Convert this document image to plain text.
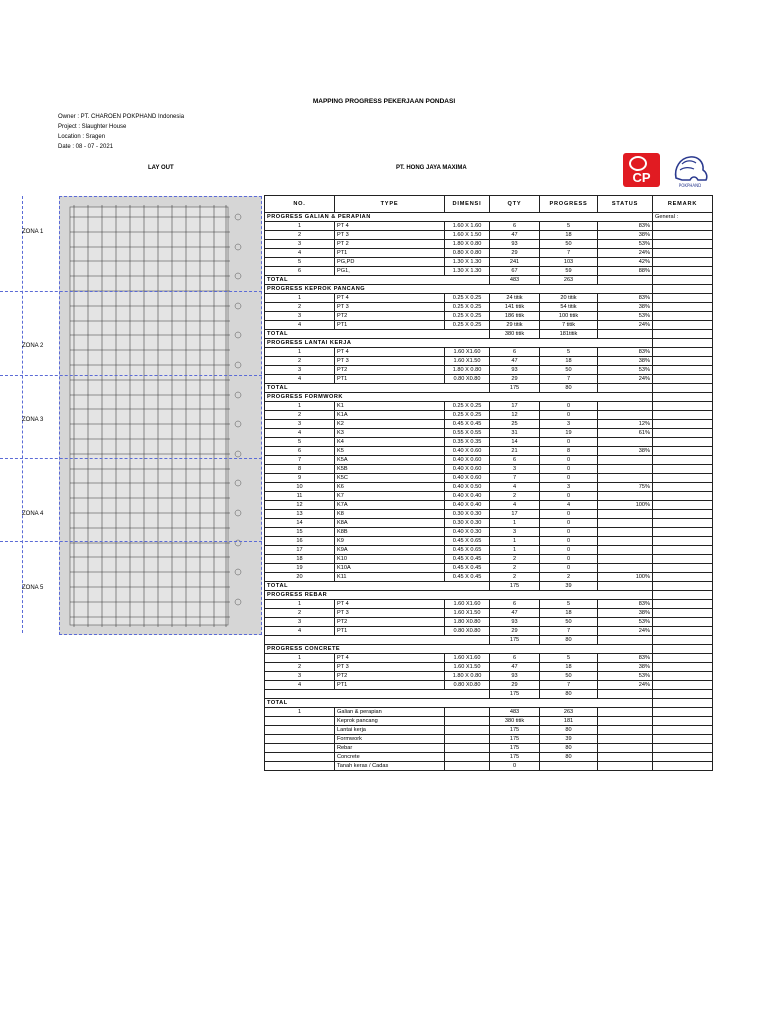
MAPPING PROGRESS PEKERJAAN PONDASI
Owner : PT. CHAROEN POKPHAND Indonesia
Project : Slaughter House
Location : Sragen
Date : 08 - 07 - 2021
LAY OUT	PT. HONG JAYA MAXIMA
CP
POKPHAND
ZONA 1
ZONA 2
ZONA 3
ZONA 4
ZONA 5
NO.	TYPE	DIMENSI	QTY	PROGRESS	STATUS	REMARK
PROGRESS GALIAN & PERAPIAN						General :
1	PT 4	1.60 X 1.60	6	5	83%	
2	PT 3	1.60 X 1.50	47	18	38%	
3	PT 2	1.80 X 0.80	93	50	53%	
4	PT1	0.80 X 0.80	29	7	24%	
5	PG,PD	1.30 X 1.30	241	103	42%	
6	PG1,	1.30 X 1.30	67	59	88%	
TOTAL			483	263		
PROGRESS KEPROK PANCANG						
1	PT 4	0.25 X 0.25	24 titik	20 titik	83%	
2	PT 3	0.25 X 0.25	141 titik	54 titik	38%	
3	PT2	0.25 X 0.25	186 titik	100 titik	53%	
4	PT1	0.25 X 0.25	29 titik	7 titik	24%	
TOTAL			380 titik	181titik		
PROGRESS LANTAI KERJA						
1	PT 4	1.60 X1.60	6	5	83%	
2	PT 3	1.60 X1.50	47	18	38%	
3	PT2	1.80 X 0.80	93	50	53%	
4	PT1	0.80 X0.80	29	7	24%	
TOTAL			175	80		
PROGRESS FORMWORK						
1	K1	0.25 X 0.25	17	0		
2	K1A	0.25 X 0.25	12	0		
3	K2	0.45 X 0.45	25	3	12%	
4	K3	0.55 X 0.55	31	19	61%	
5	K4	0.35 X 0.35	14	0		
6	K5	0.40 X 0.60	21	8	38%	
7	K5A	0.40 X 0.60	6	0		
8	K5B	0.40 X 0.60	3	0		
9	K5C	0.40 X 0.60	7	0		
10	K6	0.40 X 0.50	4	3	75%	
11	K7	0.40 X 0.40	2	0		
12	K7A	0.40 X 0.40	4	4	100%	
13	K8	0.30 X 0.30	17	0		
14	K8A	0.30 X 0.30	1	0		
15	K8B	0.40 X 0.30	3	0		
16	K9	0.45 X 0.65	1	0		
17	K9A	0.45 X 0.65	1	0		
18	K10	0.45 X 0.45	2	0		
19	K10A	0.45 X 0.45	2	0		
20	K11	0.45 X 0.45	2	2	100%	
TOTAL			175	39		
PROGRESS REBAR						
1	PT 4	1.60 X1.60	6	5	83%	
2	PT 3	1.60 X1.50	47	18	38%	
3	PT2	1.80 X0.80	93	50	53%	
4	PT1	0.80 X0.80	29	7	24%	
			175	80		
PROGRESS CONCRETE						
1	PT 4	1.60 X1.60	6	5	83%	
2	PT 3	1.60 X1.50	47	18	38%	
3	PT2	1.80 X 0.80	93	50	53%	
4	PT1	0.80 X0.80	29	7	24%	
			175	80		
TOTAL						
1	Galian & perapian		483	263		
	Keprok pancang		380 titik	181		
	Lantai kerja		175	80		
	Formwork		175	39		
	Rebar		175	80		
	Concrete		175	80		
	Tanah keras / Cadas		0			
